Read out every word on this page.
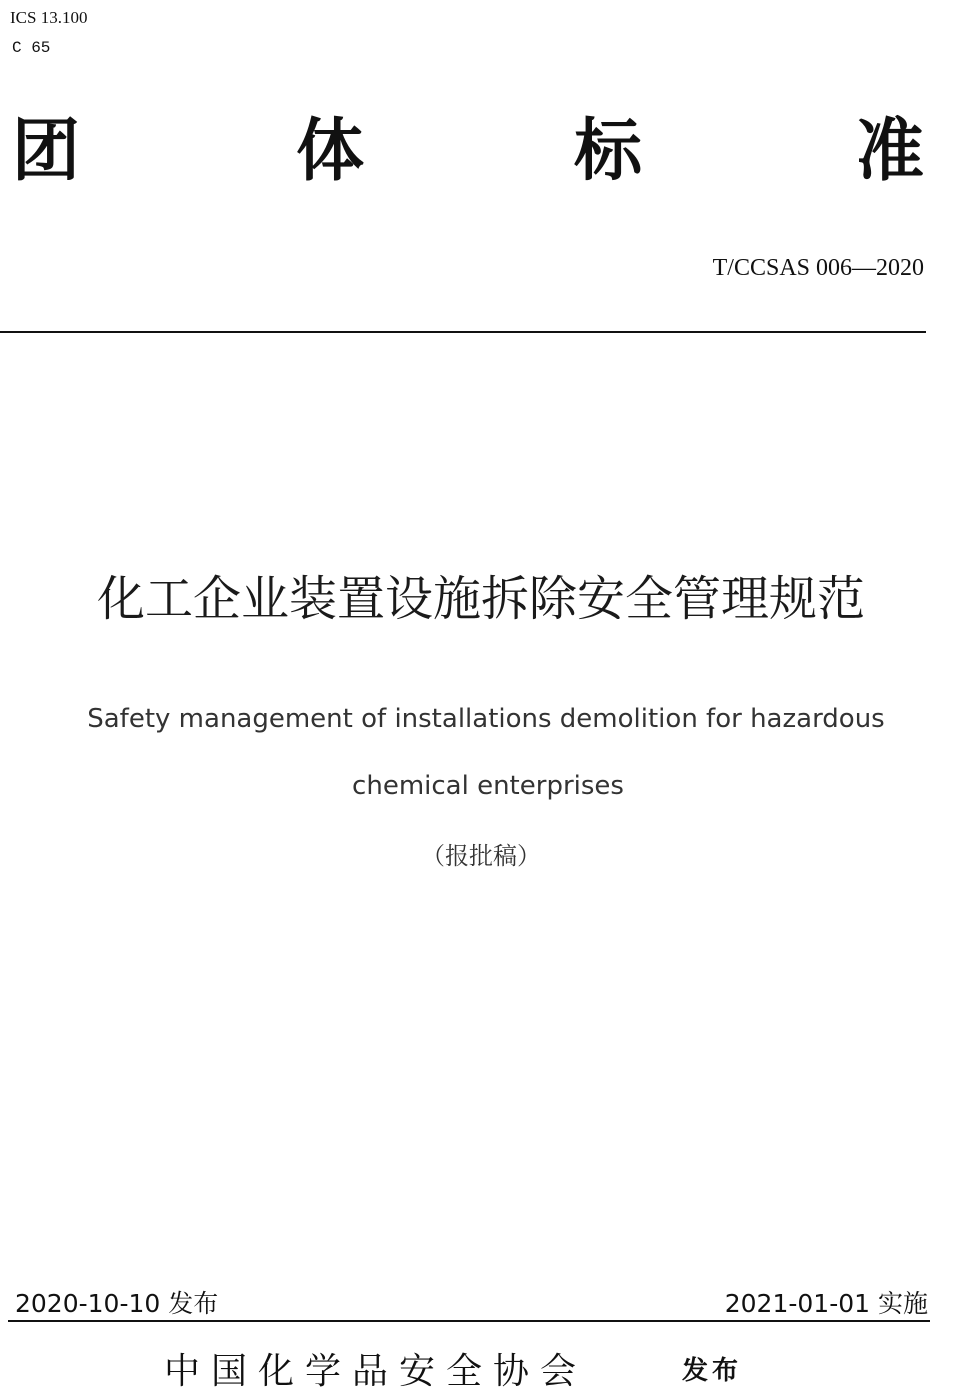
ICS 13.100
C 65
团	体	标	准
T/CCSAS 006—2020
化工企业装置设施拆除安全管理规范
Safety management of installations demolition for hazardous
chemical enterprises
（报批稿）
2020-10-10 发布	2021-01-01 实施
中国化学品安全协会	发布
